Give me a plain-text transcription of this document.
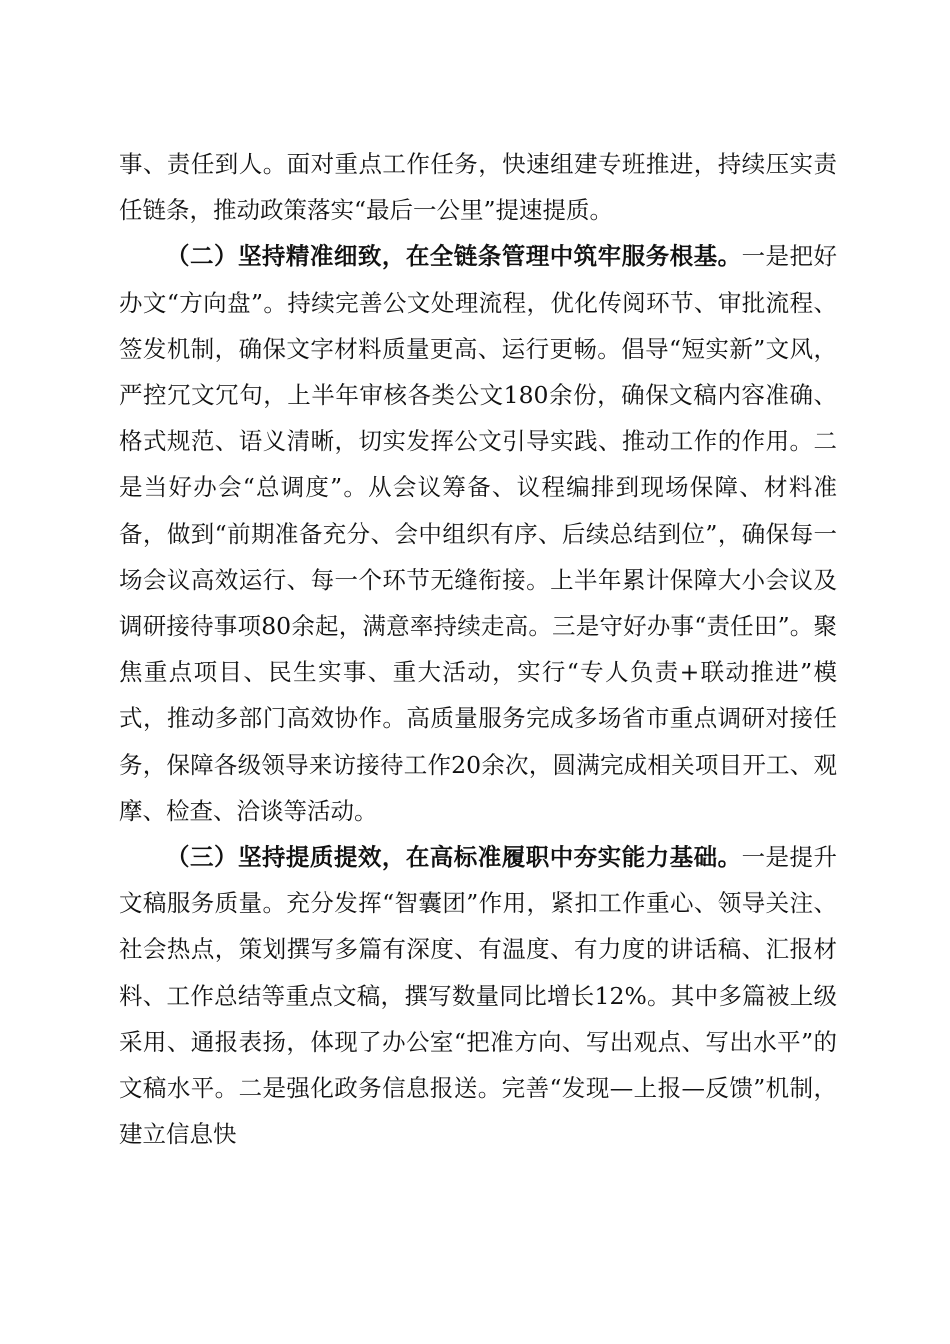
事、责任到人。面对重点工作任务，快速组建专班推进，持续压实责任链条，推动政策落实“最后一公里”提速提质。

（二）坚持精准细致，在全链条管理中筑牢服务根基。一是把好办文“方向盘”。持续完善公文处理流程，优化传阅环节、审批流程、签发机制，确保文字材料质量更高、运行更畅。倡导“短实新”文风，严控冗文冗句，上半年审核各类公文180余份，确保文稿内容准确、格式规范、语义清晰，切实发挥公文引导实践、推动工作的作用。二是当好办会“总调度”。从会议筹备、议程编排到现场保障、材料准备，做到“前期准备充分、会中组织有序、后续总结到位”，确保每一场会议高效运行、每一个环节无缝衔接。上半年累计保障大小会议及调研接待事项80余起，满意率持续走高。三是守好办事“责任田”。聚焦重点项目、民生实事、重大活动，实行“专人负责+联动推进”模式，推动多部门高效协作。高质量服务完成多场省市重点调研对接任务，保障各级领导来访接待工作20余次，圆满完成相关项目开工、观摩、检查、洽谈等活动。

（三）坚持提质提效，在高标准履职中夯实能力基础。一是提升文稿服务质量。充分发挥“智囊团”作用，紧扣工作重心、领导关注、社会热点，策划撰写多篇有深度、有温度、有力度的讲话稿、汇报材料、工作总结等重点文稿，撰写数量同比增长12%。其中多篇被上级采用、通报表扬，体现了办公室“把准方向、写出观点、写出水平”的文稿水平。二是强化政务信息报送。完善“发现—上报—反馈”机制，建立信息快
